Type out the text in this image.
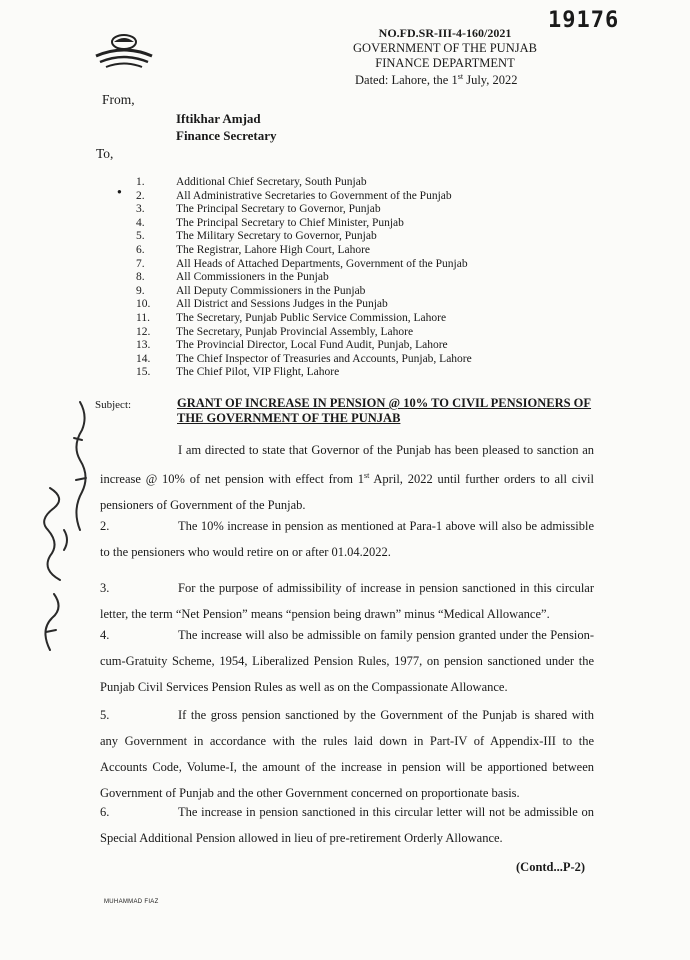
19176
NO.FD.SR-III-4-160/2021
GOVERNMENT OF THE PUNJAB
FINANCE DEPARTMENT
Dated: Lahore, the 1st July, 2022
From,
Iftikhar Amjad
Finance Secretary
To,
●
1.	Additional Chief Secretary, South Punjab
2.	All Administrative Secretaries to Government of the Punjab
3.	The Principal Secretary to Governor, Punjab
4.	The Principal Secretary to Chief Minister, Punjab
5.	The Military Secretary to Governor, Punjab
6.	The Registrar, Lahore High Court, Lahore
7.	All Heads of Attached Departments, Government of the Punjab
8.	All Commissioners in the Punjab
9.	All Deputy Commissioners in the Punjab
10.	All District and Sessions Judges in the Punjab
11.	The Secretary, Punjab Public Service Commission, Lahore
12.	The Secretary, Punjab Provincial Assembly, Lahore
13.	The Provincial Director, Local Fund Audit, Punjab, Lahore
14.	The Chief Inspector of Treasuries and Accounts, Punjab, Lahore
15.	The Chief Pilot, VIP Flight, Lahore
Subject:	GRANT OF INCREASE IN PENSION @ 10% TO CIVIL PENSIONERS OF THE GOVERNMENT OF THE PUNJAB
I am directed to state that Governor of the Punjab has been pleased to sanction an increase @ 10% of net pension with effect from 1st April, 2022 until further orders to all civil pensioners of Government of the Punjab.
2.	The 10% increase in pension as mentioned at Para-1 above will also be admissible to the pensioners who would retire on or after 01.04.2022.
3.	For the purpose of admissibility of increase in pension sanctioned in this circular letter, the term “Net Pension” means “pension being drawn” minus “Medical Allowance”.
4.	The increase will also be admissible on family pension granted under the Pension-cum-Gratuity Scheme, 1954, Liberalized Pension Rules, 1977, on pension sanctioned under the Punjab Civil Services Pension Rules as well as on the Compassionate Allowance.
5.	If the gross pension sanctioned by the Government of the Punjab is shared with any Government in accordance with the rules laid down in Part-IV of Appendix-III to the Accounts Code, Volume-I, the amount of the increase in pension will be apportioned between Government of Punjab and the other Government concerned on proportionate basis.
6.	The increase in pension sanctioned in this circular letter will not be admissible on Special Additional Pension allowed in lieu of pre-retirement Orderly Allowance.
(Contd...P-2)
MUHAMMAD FIAZ
